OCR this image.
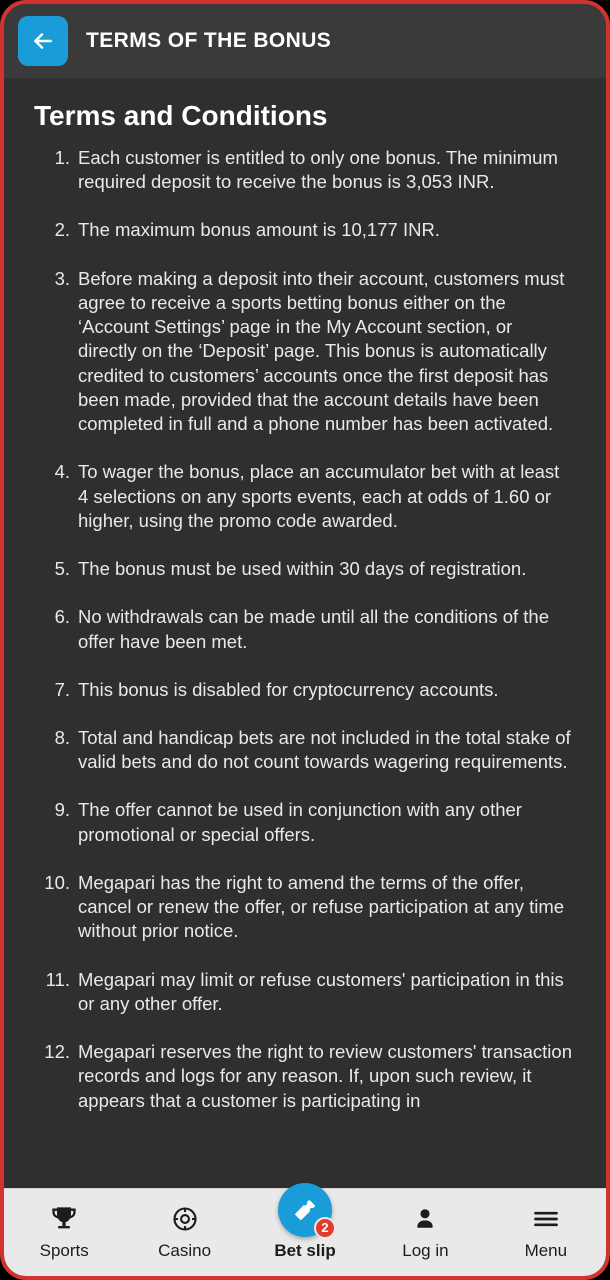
TERMS OF THE BONUS
Terms and Conditions
Each customer is entitled to only one bonus. The minimum required deposit to receive the bonus is 3,053 INR.
The maximum bonus amount is 10,177 INR.
Before making a deposit into their account, customers must agree to receive a sports betting bonus either on the ‘Account Settings’ page in the My Account section, or directly on the ‘Deposit’ page. This bonus is automatically credited to customers’ accounts once the first deposit has been made, provided that the account details have been completed in full and a phone number has been activated.
To wager the bonus, place an accumulator bet with at least 4 selections on any sports events, each at odds of 1.60 or higher, using the promo code awarded.
The bonus must be used within 30 days of registration.
No withdrawals can be made until all the conditions of the offer have been met.
This bonus is disabled for cryptocurrency accounts.
Total and handicap bets are not included in the total stake of valid bets and do not count towards wagering requirements.
The offer cannot be used in conjunction with any other promotional or special offers.
Megapari has the right to amend the terms of the offer, cancel or renew the offer, or refuse participation at any time without prior notice.
Megapari may limit or refuse customers' participation in this or any other offer.
Megapari reserves the right to review customers' transaction records and logs for any reason. If, upon such review, it appears that a customer is participating in
Sports	Casino
2
Bet slip	Log in	Menu
